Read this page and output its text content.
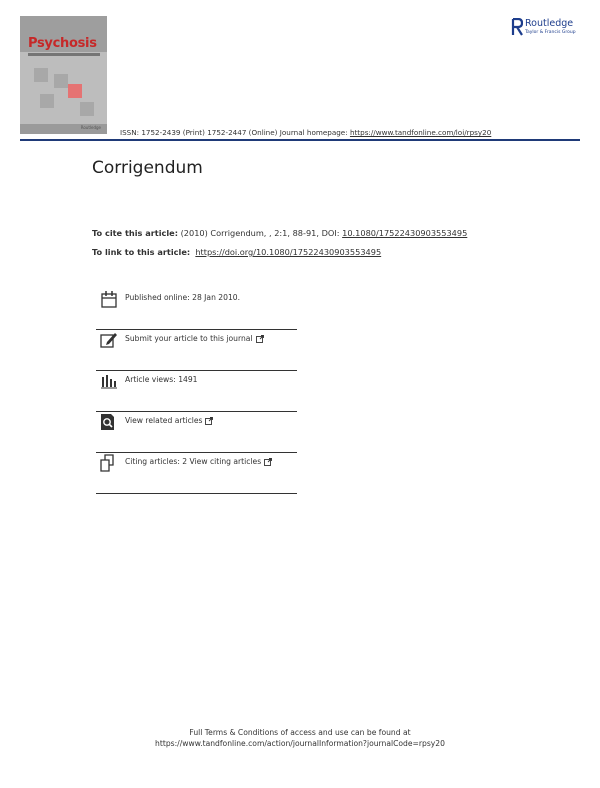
Psychosis
Routledge
ISSN: 1752-2439 (Print) 1752-2447 (Online) Journal homepage: https://www.tandfonline.com/loi/rpsy20
Routledge
Taylor & Francis Group
Corrigendum
To cite this article: (2010) Corrigendum, , 2:1, 88-91, DOI: 10.1080/17522430903553495
To link to this article: https://doi.org/10.1080/17522430903553495
Published online: 28 Jan 2010.
Submit your article to this journal
Article views: 1491
View related articles
Citing articles: 2 View citing articles
Full Terms & Conditions of access and use can be found at
https://www.tandfonline.com/action/journalInformation?journalCode=rpsy20
